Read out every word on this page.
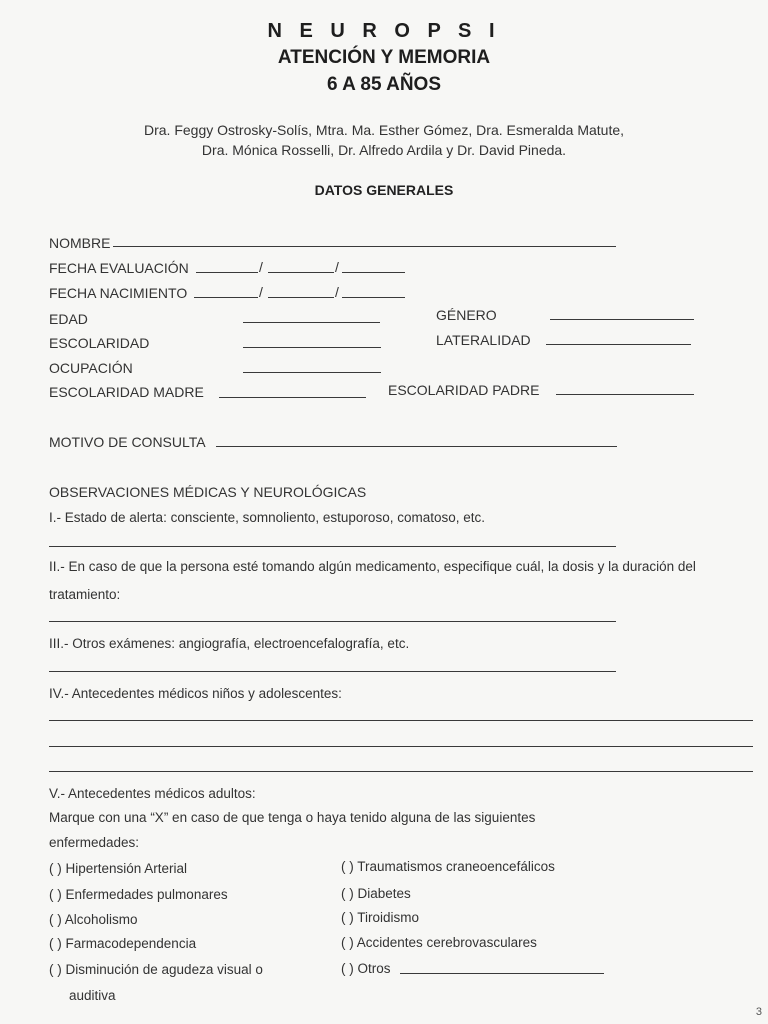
N E U R O P S I
ATENCIÓN Y MEMORIA
6 A 85 AÑOS
Dra. Feggy Ostrosky-Solís, Mtra. Ma. Esther Gómez, Dra. Esmeralda Matute,
Dra. Mónica Rosselli, Dr. Alfredo Ardila y Dr. David Pineda.
DATOS GENERALES
NOMBRE
FECHA EVALUACIÓN	/	/
FECHA NACIMIENTO	/	/
EDAD	GÉNERO
ESCOLARIDAD	LATERALIDAD
OCUPACIÓN
ESCOLARIDAD MADRE	ESCOLARIDAD PADRE
MOTIVO DE CONSULTA
OBSERVACIONES MÉDICAS Y NEUROLÓGICAS
I.- Estado de alerta: consciente, somnoliento, estuporoso, comatoso, etc.
II.- En caso de que la persona esté tomando algún medicamento, especifique cuál, la dosis y la duración del
tratamiento:
III.- Otros exámenes: angiografía, electroencefalografía, etc.
IV.- Antecedentes médicos niños y adolescentes:
V.- Antecedentes médicos adultos:
Marque con una “X” en caso de que tenga o haya tenido alguna de las siguientes
enfermedades:
( ) Hipertensión Arterial
( ) Enfermedades pulmonares
( ) Alcoholismo
( ) Farmacodependencia
( ) Disminución de agudeza visual o
auditiva
( ) Traumatismos craneoencefálicos
( ) Diabetes
( ) Tiroidismo
( ) Accidentes cerebrovasculares
( ) Otros
3
